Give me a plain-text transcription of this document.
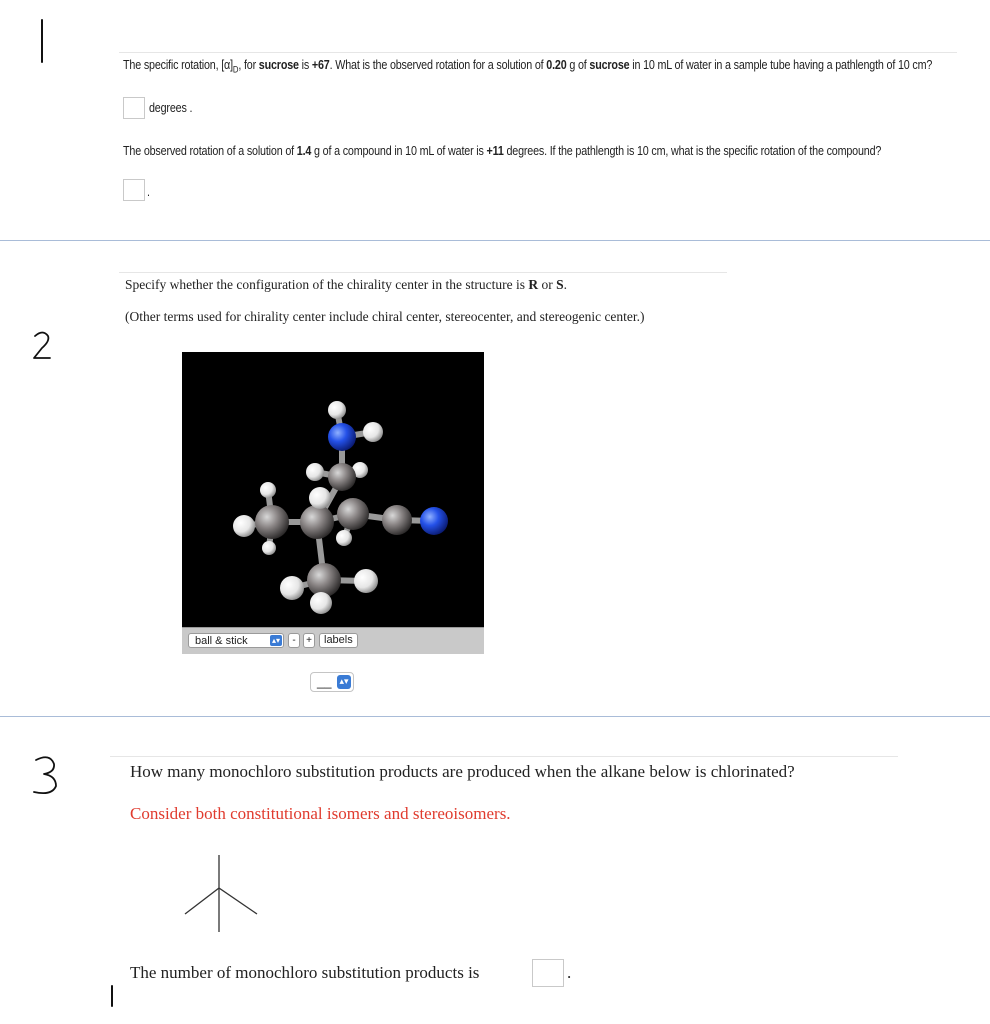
The specific rotation, $[\alpha]_D$, for sucrose is +67. What is the observed rotation for a solution of 0.20 g of sucrose in 10 mL of water in a sample tube having a pathlength of 10 cm?
degrees .
The observed rotation of a solution of 1.4 g of a compound in 10 mL of water is +11 degrees. If the pathlength is 10 cm, what is the specific rotation of the compound?
.
Specify whether the configuration of the chirality center in the structure is R or S.
(Other terms used for chirality center include chiral center, stereocenter, and stereogenic center.)
ball & stick	▴▾	-	+	labels
__ ▴▾
How many monochloro substitution products are produced when the alkane below is chlorinated?
Consider both constitutional isomers and stereoisomers.
The number of monochloro substitution products is	.
